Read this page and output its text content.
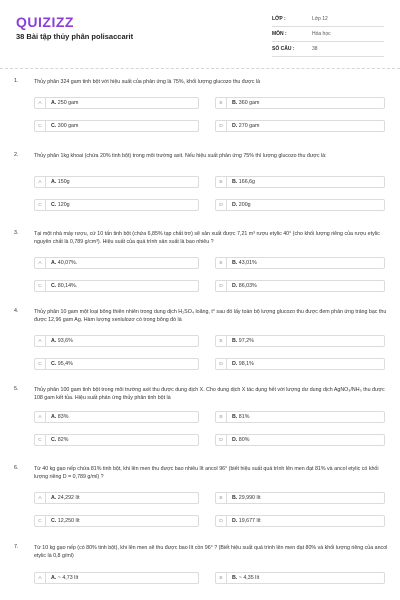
QUIZIZZ
38 Bài tập thủy phân polisaccarit
LỚP :	Lớp 12
MÔN :	Hóa học
SỐ CÂU :	38
1.	Thủy phân 324 gam tinh bột với hiệu suất của phản ứng là 75%, khối lượng glucozo thu được là
A	A. 250 gam	B	B. 360 gam
C	C. 300 gam	D	D. 270 gam
2.	Thủy phân 1kg khoai (chứa 20% tinh bột) trong môi trường axit. Nếu hiệu suất phản ứng 75% thì lượng glucozo thu được là:
A	A. 150g	B	B. 166,6g
C	C. 120g	D	D. 200g
3.	Tại một nhà máy rượu, cứ 10 tấn tinh bột (chứa 6,85% tạp chất trơ) sẽ sản xuất được 7,21 m³ rượu etylic 40° (cho khối lượng riêng của rượu etylic nguyên chất là 0,789 g/cm³). Hiệu suất của quá trình sản xuất là bao nhiêu ?
A	A. 40,07%.	B	B. 43,01%
C	C. 80,14%.	D	D. 86,03%
4.	Thủy phân 10 gam một loại bông thiên nhiên trong dung dịch H₂SO₄ loãng, t° sau đó lấy toàn bộ lượng glucozo thu được đem phản ứng tráng bạc thu được 12,96 gam Ag. Hàm lượng xenlulozơ có trong bông đó là
A	A. 93,6%	B	B. 97,2%
C	C. 95,4%	D	D. 98,1%
5.	Thủy phân 100 gam tinh bột trong môi trường axit thu được dung dịch X. Cho dung dịch X tác dụng hết với lượng dư dung dịch AgNO₃/NH₃ thu được 108 gam kết tủa. Hiệu suất phản ứng thủy phân tinh bột là
A	A. 83%	B	B. 81%
C	C. 82%	D	D. 80%
6.	Từ 40 kg gạo nếp chứa 81% tinh bột, khi lên men thu được bao nhiêu lít ancol 96° (biết hiệu suất quá trình lên men đạt 81% và ancol etylic có khối lượng riêng D = 0,789 g/ml) ?
A	A. 24,292 lít	B	B. 29,990 lít
C	C. 12,250 lít	D	D. 19,677 lít
7.	Từ 10 kg gạo nếp (có 80% tinh bột), khi lên men sẽ thu được bao lít cồn 96° ? (Biết hiệu suất quá trình lên men đạt 80% và khối lượng riêng của ancol etylic là 0,8 g/ml)
A	A. ~ 4,73 lít	B	B. ~ 4,35 lít
